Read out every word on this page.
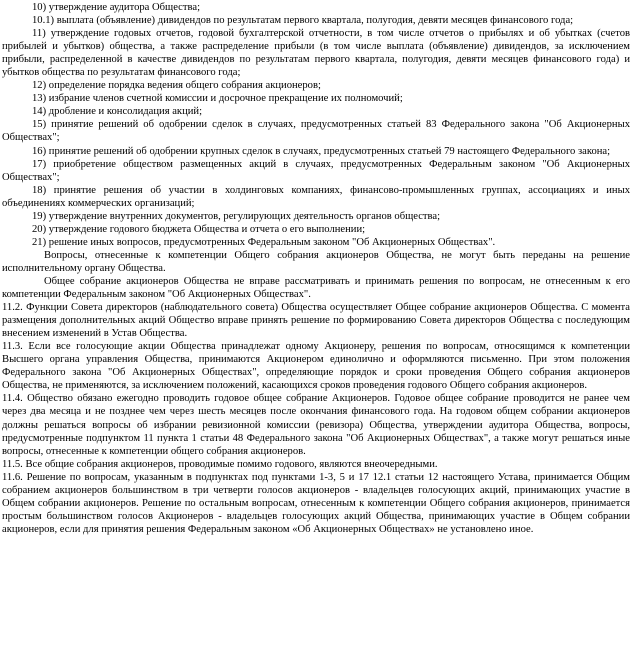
10) утверждение аудитора Общества;

10.1) выплата (объявление) дивидендов по результатам первого квартала, полугодия, девяти месяцев финансового года;

11) утверждение годовых отчетов, годовой бухгалтерской отчетности, в том числе отчетов о прибылях и об убытках (счетов прибылей и убытков) общества, а также распределение прибыли (в том числе выплата (объявление) дивидендов, за исключением прибыли, распределенной в качестве дивидендов по результатам первого квартала, полугодия, девяти месяцев финансового года) и убытков общества по результатам финансового года;

12) определение порядка ведения общего собрания акционеров;

13) избрание членов счетной комиссии и досрочное прекращение их полномочий;

14) дробление и консолидация акций;

15) принятие решений об одобрении сделок в случаях, предусмотренных статьей 83 Федерального закона "Об Акционерных Обществах";

16) принятие решений об одобрении крупных сделок в случаях, предусмотренных статьей 79 настоящего Федерального закона;

17) приобретение обществом размещенных акций в случаях, предусмотренных Федеральным законом "Об Акционерных Обществах";

18) принятие решения об участии в холдинговых компаниях, финансово-промышленных группах, ассоциациях и иных объединениях коммерческих организаций;

19) утверждение внутренних документов, регулирующих деятельность органов общества;

20) утверждение годового бюджета Общества и отчета о его выполнении;

21) решение иных вопросов, предусмотренных Федеральным законом "Об Акционерных Обществах".

Вопросы, отнесенные к компетенции Общего собрания акционеров Общества, не могут быть переданы на решение исполнительному органу Общества.

Общее собрание акционеров Общества не вправе рассматривать и принимать решения по вопросам, не отнесенным к его компетенции Федеральным законом "Об Акционерных Обществах".

11.2. Функции Совета директоров (наблюдательного совета) Общества осуществляет Общее собрание акционеров Общества. С момента размещения дополнительных акций Общество вправе принять решение по формированию Совета директоров Общества с последующим внесением изменений в Устав Общества.

11.3. Если все голосующие акции Общества принадлежат одному Акционеру, решения по вопросам, относящимся к компетенции Высшего органа управления Общества, принимаются Акционером единолично и оформляются письменно. При этом положения Федерального закона "Об Акционерных Обществах", определяющие порядок и сроки проведения Общего собрания акционеров Общества, не применяются, за исключением положений, касающихся сроков проведения годового Общего собрания акционеров.

11.4. Общество обязано ежегодно проводить годовое общее собрание Акционеров. Годовое общее собрание проводится не ранее чем через два месяца и не позднее чем через шесть месяцев после окончания финансового года. На годовом общем собрании акционеров должны решаться вопросы об избрании ревизионной комиссии (ревизора) Общества, утверждении аудитора Общества, вопросы, предусмотренные подпунктом 11 пункта 1 статьи 48 Федерального закона "Об Акционерных Обществах", а также могут решаться иные вопросы, отнесенные к компетенции общего собрания акционеров.

11.5. Все общие собрания акционеров, проводимые помимо годового, являются внеочередными.

11.6. Решение по вопросам, указанным в подпунктах под пунктами 1-3, 5 и 17 12.1 статьи 12 настоящего Устава, принимается Общим собранием акционеров большинством в три четверти голосов акционеров - владельцев голосующих акций, принимающих участие в Общем собрании акционеров. Решение по остальным вопросам, отнесенным к компетенции Общего собрания акционеров, принимается простым большинством голосов Акционеров - владельцев голосующих акций Общества, принимающих участие в Общем собрании акционеров, если для принятия решения Федеральным законом «Об Акционерных Обществах» не установлено иное.
